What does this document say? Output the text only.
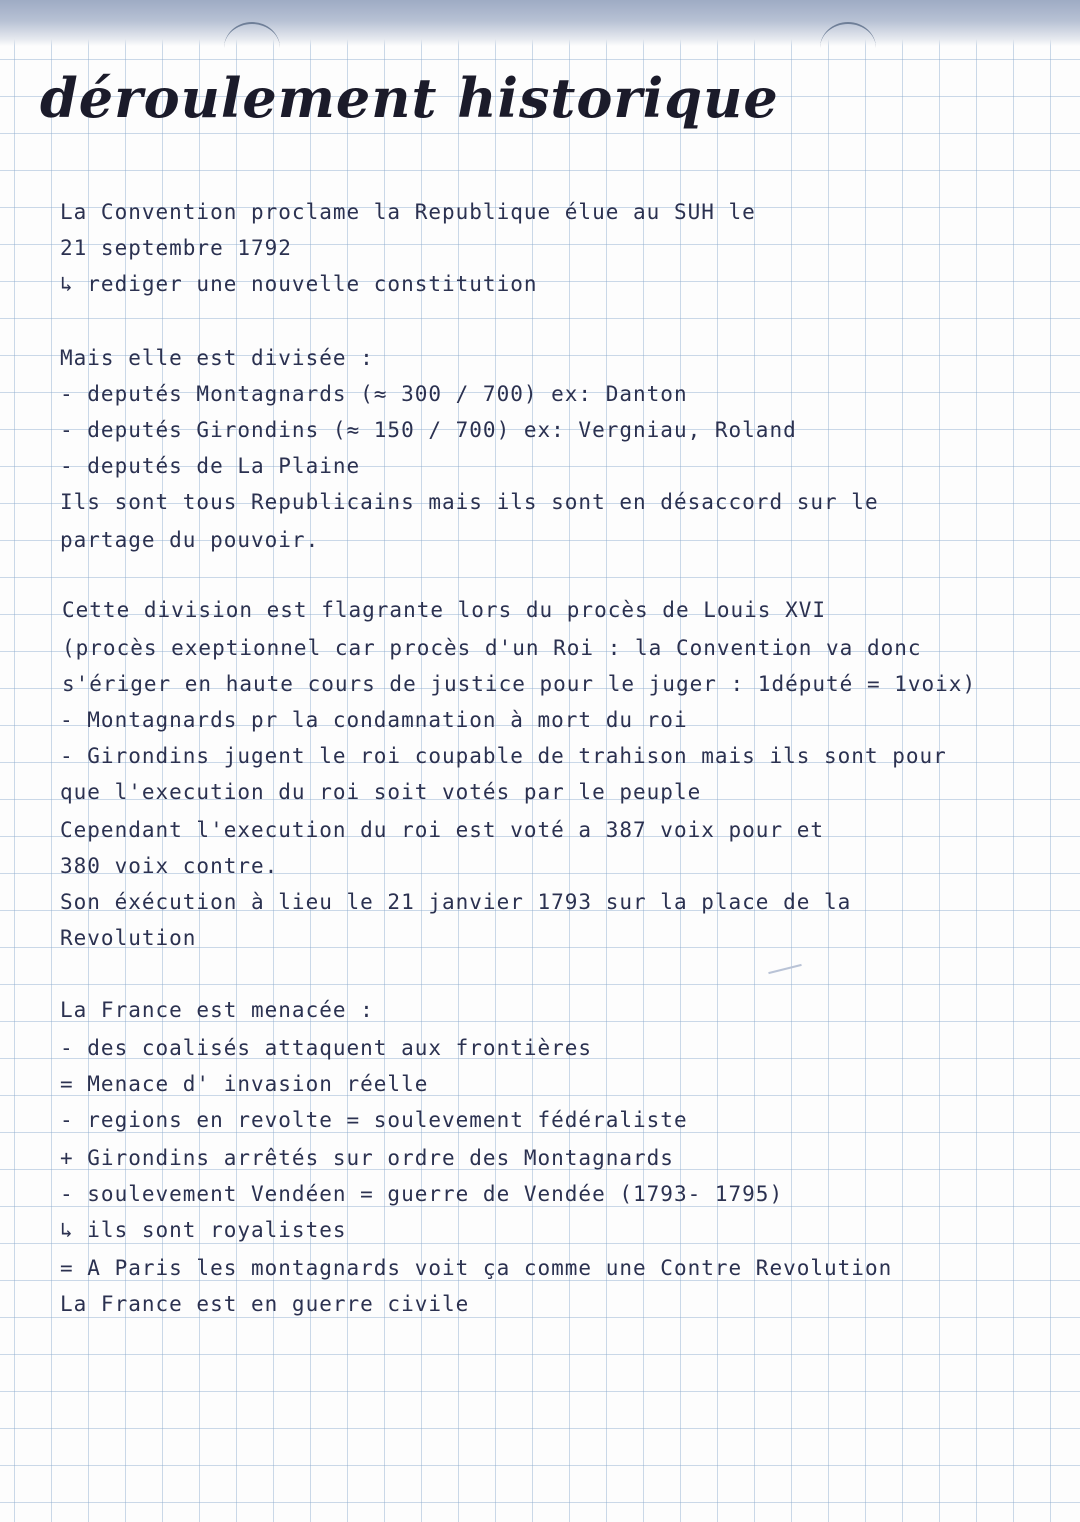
déroulement historique
La Convention proclame la Republique élue au SUH le
21 septembre 1792
↳ rediger une nouvelle constitution
Mais elle est divisée :
- deputés Montagnards (≈ 300 / 700) ex: Danton
- deputés Girondins (≈ 150 / 700) ex: Vergniau, Roland
- deputés de La Plaine
Ils sont tous Republicains mais ils sont en désaccord sur le
partage du pouvoir.
Cette division est flagrante lors du procès de Louis XVI
(procès exeptionnel car procès d'un Roi : la Convention va donc
s'ériger en haute cours de justice pour le juger : 1député = 1voix)
- Montagnards pr la condamnation à mort du roi
- Girondins jugent le roi coupable de trahison mais ils sont pour
que l'execution du roi soit votés par le peuple
Cependant l'execution du roi est voté a 387 voix pour et
380 voix contre.
Son éxécution à lieu le 21 janvier 1793 sur la place de la
Revolution
La France est menacée :
- des coalisés attaquent aux frontières
= Menace d' invasion réelle
- regions en revolte = soulevement fédéraliste
+ Girondins arrêtés sur ordre des Montagnards
- soulevement Vendéen = guerre de Vendée (1793- 1795)
↳ ils sont royalistes
= A Paris les montagnards voit ça comme une Contre Revolution
La France est en guerre civile
